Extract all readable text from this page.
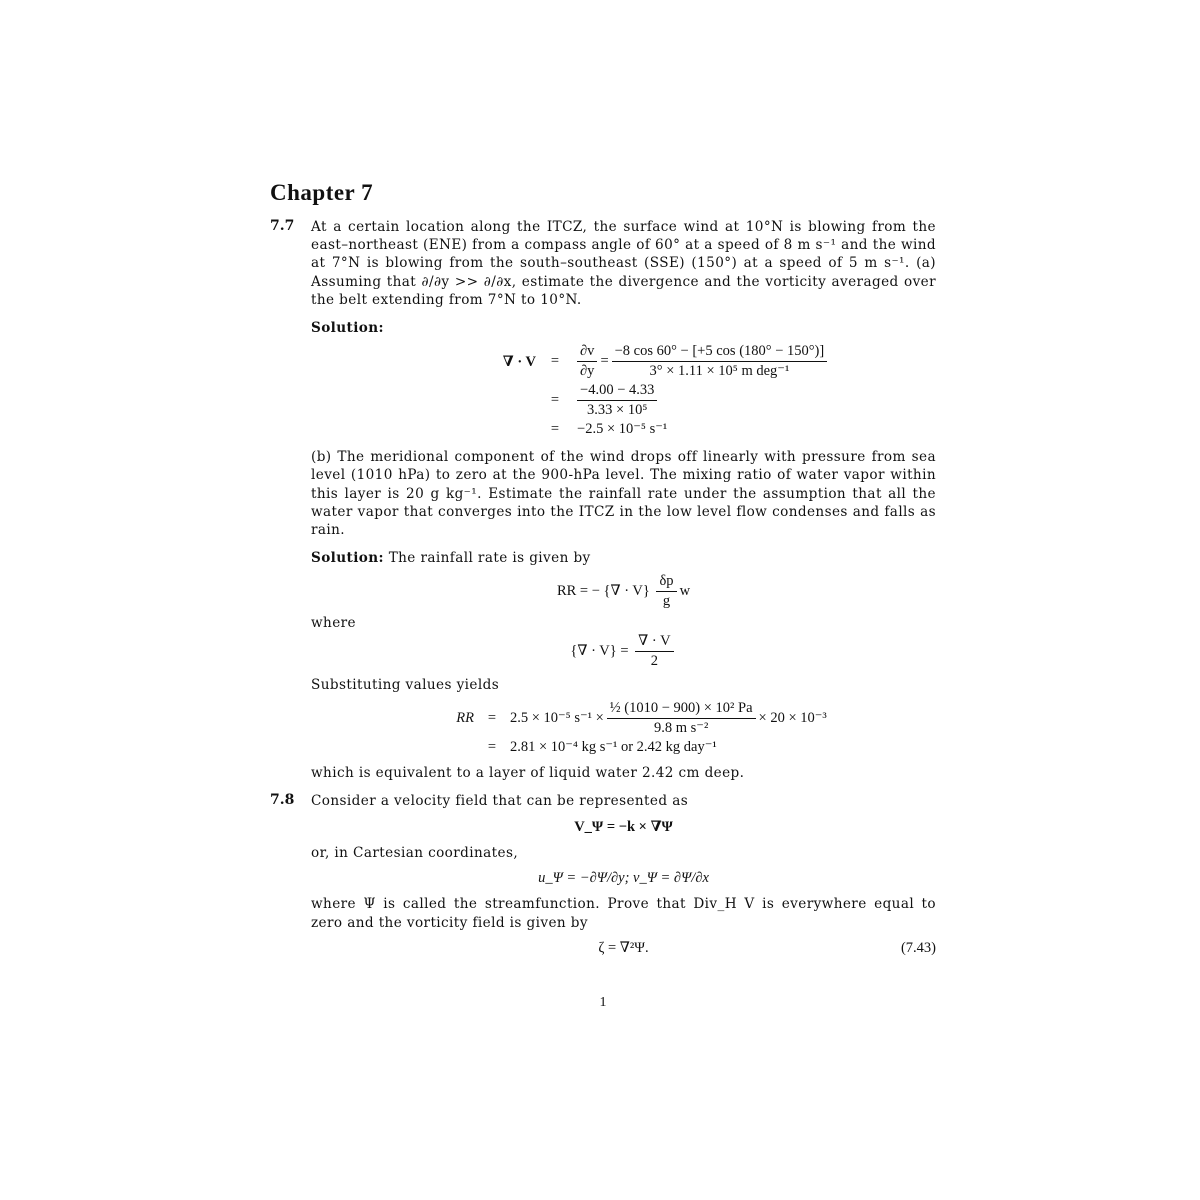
Chapter 7
7.7 At a certain location along the ITCZ, the surface wind at 10°N is blowing from the east–northeast (ENE) from a compass angle of 60° at a speed of 8 m s⁻¹ and the wind at 7°N is blowing from the south–southeast (SSE) (150°) at a speed of 5 m s⁻¹. (a) Assuming that ∂/∂y >> ∂/∂x, estimate the divergence and the vorticity averaged over the belt extending from 7°N to 10°N.

Solution:

∇ · V	=	$\frac{\partial v}{\partial y} = \frac{-8 \cos 60^\circ - [+5 \cos (180^\circ - 150^\circ)]}{\text{3° × 1.11 × 10⁵ m deg⁻¹}}$
=	$\frac{-4.00 - 4.33}{\text{3.33 × 10⁵}}$
=	−2.5 × 10⁻⁵ s⁻¹

(b) The meridional component of the wind drops off linearly with pressure from sea level (1010 hPa) to zero at the 900-hPa level. The mixing ratio of water vapor within this layer is 20 g kg⁻¹. Estimate the rainfall rate under the assumption that all the water vapor that converges into the ITCZ in the low level flow condenses and falls as rain.

Solution: The rainfall rate is given by

RR = − {∇ · $V\} \frac{\delta p}{g}$ w

where

{∇ · $V\} = \frac{\nabla \cdot V}{2}$

Substituting values yields

RR = 2.5 × 10⁻⁵ $s^{-1} \times \frac{\text{½ (1010 − 900) × 10² Pa}}{\text{9.8 m s⁻²}} \times 20 \times 10^{-3}$
= 2.81 × 10⁻⁴ kg s⁻¹ or 2.42 kg day⁻¹

which is equivalent to a layer of liquid water 2.42 cm deep.

7.8 Consider a velocity field that can be represented as

V_Ψ = −k × ∇Ψ

or, in Cartesian coordinates,

u_Ψ = −∂Ψ/∂y; v_Ψ = ∂Ψ/∂x

where Ψ is called the streamfunction. Prove that Div_H V is everywhere equal to zero and the vorticity field is given by

ζ = ∇²Ψ.	(7.43)
1
